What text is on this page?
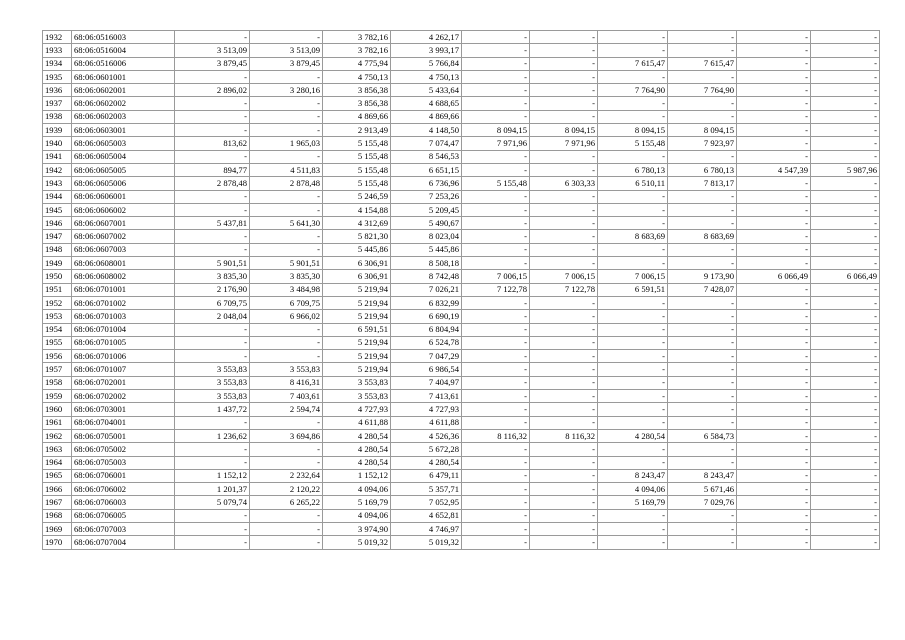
1932	68:06:0516003	-	-	3 782,16	4 262,17	-	-	-	-	-	-
1933	68:06:0516004	3 513,09	3 513,09	3 782,16	3 993,17	-	-	-	-	-	-
1934	68:06:0516006	3 879,45	3 879,45	4 775,94	5 766,84	-	-	7 615,47	7 615,47	-	-
1935	68:06:0601001	-	-	4 750,13	4 750,13	-	-	-	-	-	-
1936	68:06:0602001	2 896,02	3 280,16	3 856,38	5 433,64	-	-	7 764,90	7 764,90	-	-
1937	68:06:0602002	-	-	3 856,38	4 688,65	-	-	-	-	-	-
1938	68:06:0602003	-	-	4 869,66	4 869,66	-	-	-	-	-	-
1939	68:06:0603001	-	-	2 913,49	4 148,50	8 094,15	8 094,15	8 094,15	8 094,15	-	-
1940	68:06:0605003	813,62	1 965,03	5 155,48	7 074,47	7 971,96	7 971,96	5 155,48	7 923,97	-	-
1941	68:06:0605004	-	-	5 155,48	8 546,53	-	-	-	-	-	-
1942	68:06:0605005	894,77	4 511,83	5 155,48	6 651,15	-	-	6 780,13	6 780,13	4 547,39	5 987,96
1943	68:06:0605006	2 878,48	2 878,48	5 155,48	6 736,96	5 155,48	6 303,33	6 510,11	7 813,17	-	-
1944	68:06:0606001	-	-	5 246,59	7 253,26	-	-	-	-	-	-
1945	68:06:0606002	-	-	4 154,88	5 209,45	-	-	-	-	-	-
1946	68:06:0607001	5 437,81	5 641,30	4 312,69	5 490,67	-	-	-	-	-	-
1947	68:06:0607002	-	-	5 821,30	8 023,04	-	-	8 683,69	8 683,69	-	-
1948	68:06:0607003	-	-	5 445,86	5 445,86	-	-	-	-	-	-
1949	68:06:0608001	5 901,51	5 901,51	6 306,91	8 508,18	-	-	-	-	-	-
1950	68:06:0608002	3 835,30	3 835,30	6 306,91	8 742,48	7 006,15	7 006,15	7 006,15	9 173,90	6 066,49	6 066,49
1951	68:06:0701001	2 176,90	3 484,98	5 219,94	7 026,21	7 122,78	7 122,78	6 591,51	7 428,07	-	-
1952	68:06:0701002	6 709,75	6 709,75	5 219,94	6 832,99	-	-	-	-	-	-
1953	68:06:0701003	2 048,04	6 966,02	5 219,94	6 690,19	-	-	-	-	-	-
1954	68:06:0701004	-	-	6 591,51	6 804,94	-	-	-	-	-	-
1955	68:06:0701005	-	-	5 219,94	6 524,78	-	-	-	-	-	-
1956	68:06:0701006	-	-	5 219,94	7 047,29	-	-	-	-	-	-
1957	68:06:0701007	3 553,83	3 553,83	5 219,94	6 986,54	-	-	-	-	-	-
1958	68:06:0702001	3 553,83	8 416,31	3 553,83	7 404,97	-	-	-	-	-	-
1959	68:06:0702002	3 553,83	7 403,61	3 553,83	7 413,61	-	-	-	-	-	-
1960	68:06:0703001	1 437,72	2 594,74	4 727,93	4 727,93	-	-	-	-	-	-
1961	68:06:0704001	-	-	4 611,88	4 611,88	-	-	-	-	-	-
1962	68:06:0705001	1 236,62	3 694,86	4 280,54	4 526,36	8 116,32	8 116,32	4 280,54	6 584,73	-	-
1963	68:06:0705002	-	-	4 280,54	5 672,28	-	-	-	-	-	-
1964	68:06:0705003	-	-	4 280,54	4 280,54	-	-	-	-	-	-
1965	68:06:0706001	1 152,12	2 232,64	1 152,12	6 479,11	-	-	8 243,47	8 243,47	-	-
1966	68:06:0706002	1 201,37	2 120,22	4 094,06	5 357,71	-	-	4 094,06	5 671,46	-	-
1967	68:06:0706003	5 079,74	6 265,22	5 169,79	7 052,95	-	-	5 169,79	7 029,76	-	-
1968	68:06:0706005	-	-	4 094,06	4 652,81	-	-	-	-	-	-
1969	68:06:0707003	-	-	3 974,90	4 746,97	-	-	-	-	-	-
1970	68:06:0707004	-	-	5 019,32	5 019,32	-	-	-	-	-	-
